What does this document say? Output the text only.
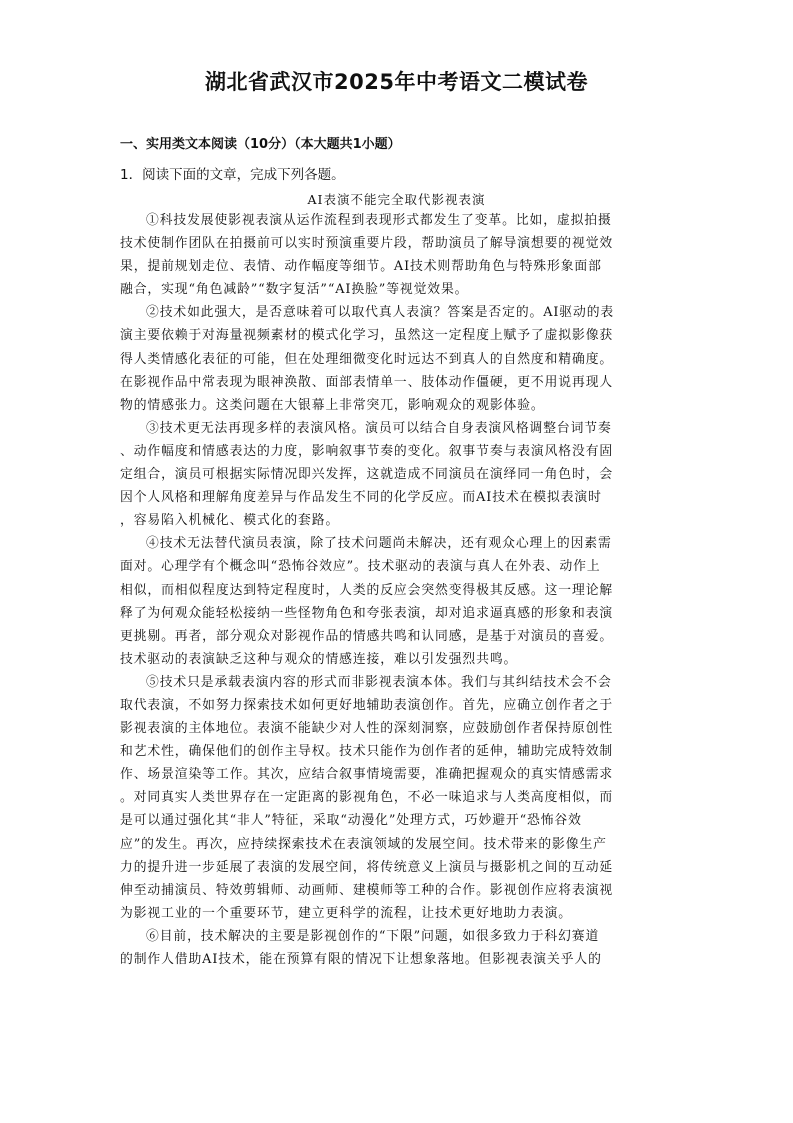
湖北省武汉市2025年中考语文二模试卷
一、实用类文本阅读（10分）（本大题共1小题）
1．阅读下面的文章，完成下列各题。
AI表演不能完全取代影视表演
①科技发展使影视表演从运作流程到表现形式都发生了变革。比如，虚拟拍摄
技术使制作团队在拍摄前可以实时预演重要片段，帮助演员了解导演想要的视觉效
果，提前规划走位、表情、动作幅度等细节。AI技术则帮助角色与特殊形象面部
融合，实现“角色减龄”“数字复活”“AI换脸”等视觉效果。
②技术如此强大，是否意味着可以取代真人表演？答案是否定的。AI驱动的表
演主要依赖于对海量视频素材的模式化学习，虽然这一定程度上赋予了虚拟影像获
得人类情感化表征的可能，但在处理细微变化时远达不到真人的自然度和精确度。
在影视作品中常表现为眼神涣散、面部表情单一、肢体动作僵硬，更不用说再现人
物的情感张力。这类问题在大银幕上非常突兀，影响观众的观影体验。
③技术更无法再现多样的表演风格。演员可以结合自身表演风格调整台词节奏
、动作幅度和情感表达的力度，影响叙事节奏的变化。叙事节奏与表演风格没有固
定组合，演员可根据实际情况即兴发挥，这就造成不同演员在演绎同一角色时，会
因个人风格和理解角度差异与作品发生不同的化学反应。而AI技术在模拟表演时
，容易陷入机械化、模式化的套路。
④技术无法替代演员表演，除了技术问题尚未解决，还有观众心理上的因素需
面对。心理学有个概念叫“恐怖谷效应”。技术驱动的表演与真人在外表、动作上
相似，而相似程度达到特定程度时，人类的反应会突然变得极其反感。这一理论解
释了为何观众能轻松接纳一些怪物角色和夸张表演，却对追求逼真感的形象和表演
更挑剔。再者，部分观众对影视作品的情感共鸣和认同感，是基于对演员的喜爱。
技术驱动的表演缺乏这种与观众的情感连接，难以引发强烈共鸣。
⑤技术只是承载表演内容的形式而非影视表演本体。我们与其纠结技术会不会
取代表演，不如努力探索技术如何更好地辅助表演创作。首先，应确立创作者之于
影视表演的主体地位。表演不能缺少对人性的深刻洞察，应鼓励创作者保持原创性
和艺术性，确保他们的创作主导权。技术只能作为创作者的延伸，辅助完成特效制
作、场景渲染等工作。其次，应结合叙事情境需要，准确把握观众的真实情感需求
。对同真实人类世界存在一定距离的影视角色，不必一味追求与人类高度相似，而
是可以通过强化其“非人”特征，采取“动漫化”处理方式，巧妙避开“恐怖谷效
应”的发生。再次，应持续探索技术在表演领域的发展空间。技术带来的影像生产
力的提升进一步延展了表演的发展空间，将传统意义上演员与摄影机之间的互动延
伸至动捕演员、特效剪辑师、动画师、建模师等工种的合作。影视创作应将表演视
为影视工业的一个重要环节，建立更科学的流程，让技术更好地助力表演。
⑥目前，技术解决的主要是影视创作的“下限”问题，如很多致力于科幻赛道
的制作人借助AI技术，能在预算有限的情况下让想象落地。但影视表演关乎人的
